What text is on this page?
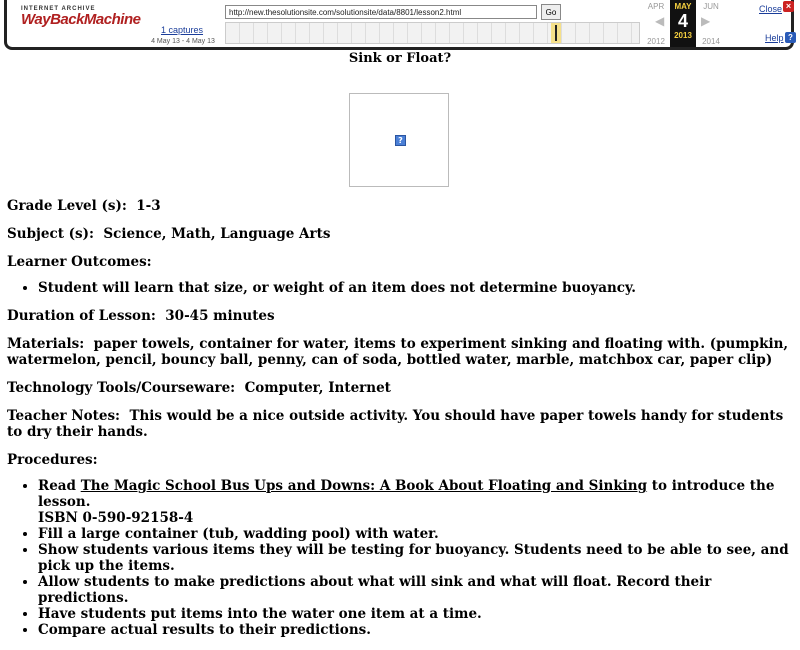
INTERNET ARCHIVE
WayBackMachine
1 captures
4 May 13 - 4 May 13
http://new.thesolutionsite.com/solutionsite/data/8801/lesson2.html
Go
APR
◀
2012
MAY
4
2013
JUN
▶
2014
Close ×
Help ?
Sink or Float?
?

Grade Level (s): 1-3

Subject (s): Science, Math, Language Arts

Learner Outcomes:

• Student will learn that size, or weight of an item does not determine buoyancy.

Duration of Lesson: 30-45 minutes

Materials: paper towels, container for water, items to experiment sinking and floating with. (pumpkin, watermelon, pencil, bouncy ball, penny, can of soda, bottled water, marble, matchbox car, paper clip)

Technology Tools/Courseware: Computer, Internet

Teacher Notes: This would be a nice outside activity. You should have paper towels handy for students to dry their hands.

Procedures:

• Read The Magic School Bus Ups and Downs: A Book About Floating and Sinking to introduce the lesson.
ISBN 0-590-92158-4
• Fill a large container (tub, wadding pool) with water.
• Show students various items they will be testing for buoyancy. Students need to be able to see, and pick up the items.
• Allow students to make predictions about what will sink and what will float. Record their predictions.
• Have students put items into the water one item at a time.
• Compare actual results to their predictions.
